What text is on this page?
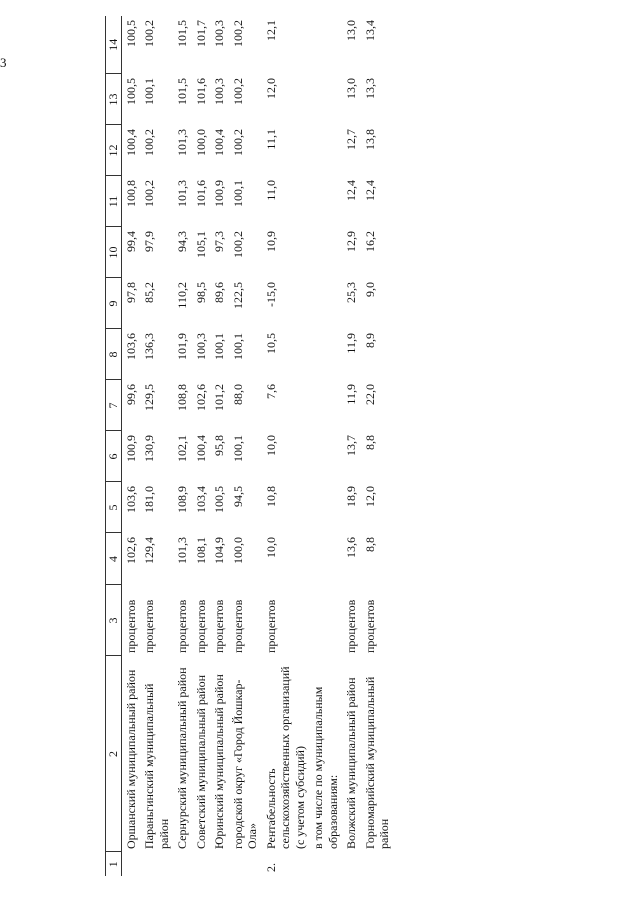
3
1	2	3	4	5	6	7	8	9	10	11	12	13	14
	Оршанский муниципальный район	процентов	102,6	103,6	100,9	99,6	103,6	97,8	99,4	100,8	100,4	100,5	100,5
	Параньгинский муниципальный район	процентов	129,4	181,0	130,9	129,5	136,3	85,2	97,9	100,2	100,2	100,1	100,2
	Сернурский муниципальный район	процентов	101,3	108,9	102,1	108,8	101,9	110,2	94,3	101,3	101,3	101,5	101,5
	Советский муниципальный район	процентов	108,1	103,4	100,4	102,6	100,3	98,5	105,1	101,6	100,0	101,6	101,7
	Юринский муниципальный район	процентов	104,9	100,5	95,8	101,2	100,1	89,6	97,3	100,9	100,4	100,3	100,3
	городской округ «Город Йошкар-Ола»	процентов	100,0	94,5	100,1	88,0	100,1	122,5	100,2	100,1	100,2	100,2	100,2
2.	Рентабельность сельскохозяйственных организаций (с учетом субсидий)	процентов	10,0	10,8	10,0	7,6	10,5	-15,0	10,9	11,0	11,1	12,0	12,1
	в том числе по муниципальным образованиям:												
	Волжский муниципальный район	процентов	13,6	18,9	13,7	11,9	11,9	25,3	12,9	12,4	12,7	13,0	13,0
	Горномарийский муниципальный район	процентов	8,8	12,0	8,8	22,0	8,9	9,0	16,2	12,4	13,8	13,3	13,4
